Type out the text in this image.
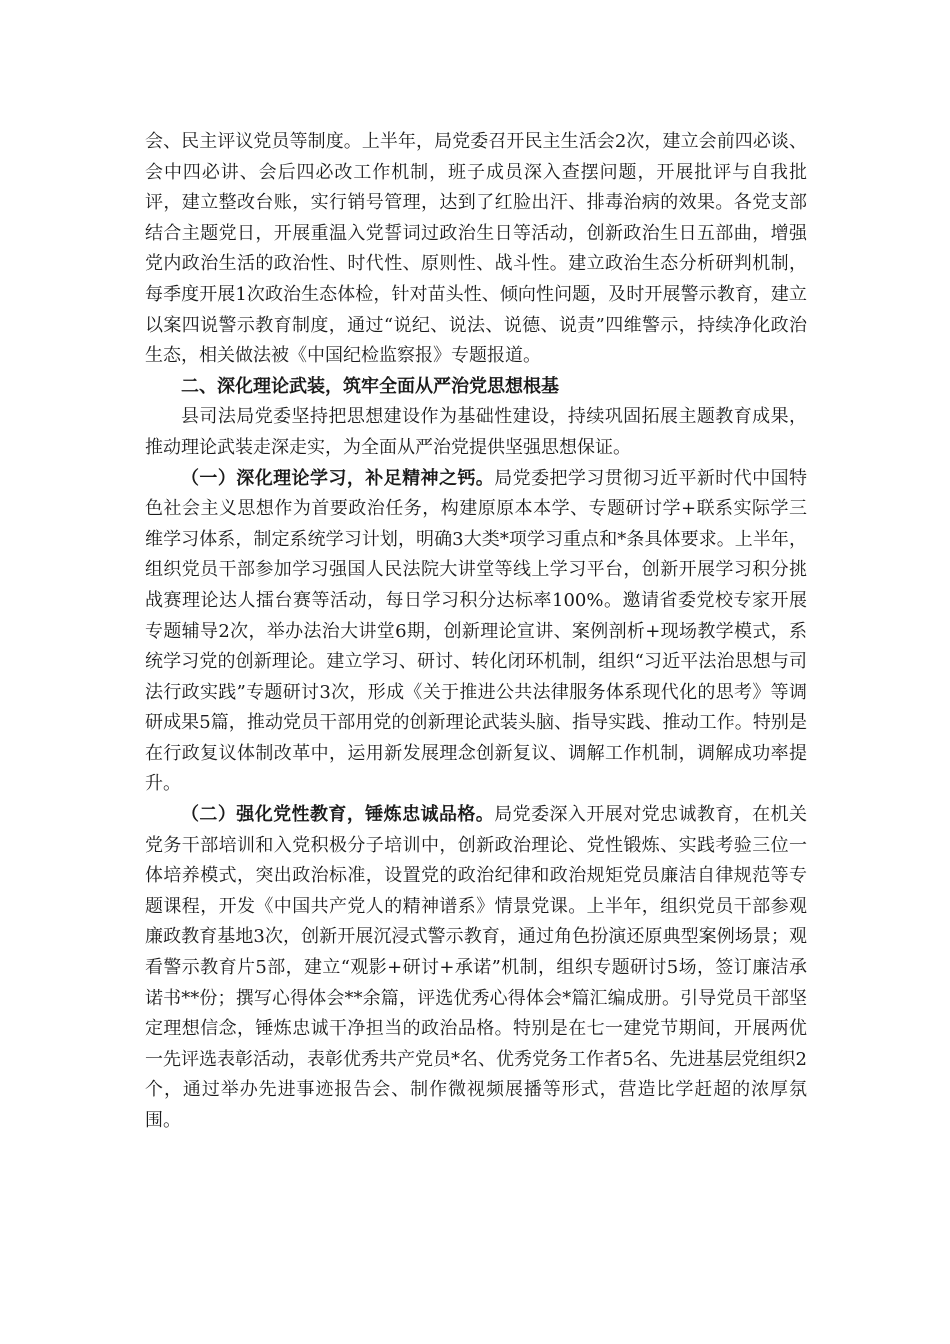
会、民主评议党员等制度。上半年，局党委召开民主生活会2次，建立会前四必谈、会中四必讲、会后四必改工作机制，班子成员深入查摆问题，开展批评与自我批评，建立整改台账，实行销号管理，达到了红脸出汗、排毒治病的效果。各党支部结合主题党日，开展重温入党誓词过政治生日等活动，创新政治生日五部曲，增强党内政治生活的政治性、时代性、原则性、战斗性。建立政治生态分析研判机制，每季度开展1次政治生态体检，针对苗头性、倾向性问题，及时开展警示教育，建立以案四说警示教育制度，通过“说纪、说法、说德、说责”四维警示，持续净化政治生态，相关做法被《中国纪检监察报》专题报道。

二、深化理论武装，筑牢全面从严治党思想根基

县司法局党委坚持把思想建设作为基础性建设，持续巩固拓展主题教育成果，推动理论武装走深走实，为全面从严治党提供坚强思想保证。

（一）深化理论学习，补足精神之钙。局党委把学习贯彻习近平新时代中国特色社会主义思想作为首要政治任务，构建原原本本学、专题研讨学+联系实际学三维学习体系，制定系统学习计划，明确3大类*项学习重点和*条具体要求。上半年，组织党员干部参加学习强国人民法院大讲堂等线上学习平台，创新开展学习积分挑战赛理论达人擂台赛等活动，每日学习积分达标率100%。邀请省委党校专家开展专题辅导2次，举办法治大讲堂6期，创新理论宣讲、案例剖析+现场教学模式，系统学习党的创新理论。建立学习、研讨、转化闭环机制，组织“习近平法治思想与司法行政实践”专题研讨3次，形成《关于推进公共法律服务体系现代化的思考》等调研成果5篇，推动党员干部用党的创新理论武装头脑、指导实践、推动工作。特别是在行政复议体制改革中，运用新发展理念创新复议、调解工作机制，调解成功率提升。

（二）强化党性教育，锤炼忠诚品格。局党委深入开展对党忠诚教育，在机关党务干部培训和入党积极分子培训中，创新政治理论、党性锻炼、实践考验三位一体培养模式，突出政治标准，设置党的政治纪律和政治规矩党员廉洁自律规范等专题课程，开发《中国共产党人的精神谱系》情景党课。上半年，组织党员干部参观廉政教育基地3次，创新开展沉浸式警示教育，通过角色扮演还原典型案例场景；观看警示教育片5部，建立“观影+研讨+承诺”机制，组织专题研讨5场，签订廉洁承诺书**份；撰写心得体会**余篇，评选优秀心得体会*篇汇编成册。引导党员干部坚定理想信念，锤炼忠诚干净担当的政治品格。特别是在七一建党节期间，开展两优一先评选表彰活动，表彰优秀共产党员*名、优秀党务工作者5名、先进基层党组织2个，通过举办先进事迹报告会、制作微视频展播等形式，营造比学赶超的浓厚氛围。
